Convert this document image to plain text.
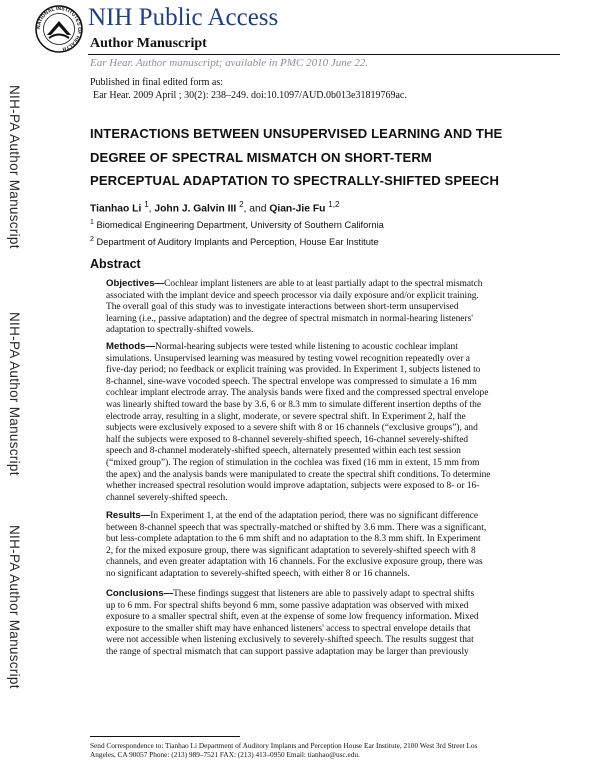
NIH-PA Author Manuscript
NIH-PA Author Manuscript
NIH-PA Author Manuscript
NATIONAL INSTITUTES OF HEALTH
NIH Public Access
Author Manuscript
Ear Hear. Author manuscript; available in PMC 2010 June 22.
Published in final edited form as:
Ear Hear. 2009 April ; 30(2): 238–249. doi:10.1097/AUD.0b013e31819769ac.
INTERACTIONS BETWEEN UNSUPERVISED LEARNING AND THE
DEGREE OF SPECTRAL MISMATCH ON SHORT-TERM
PERCEPTUAL ADAPTATION TO SPECTRALLY-SHIFTED SPEECH
Tianhao Li $^1$, John J. Galvin III $^2$, and Qian-Jie Fu $^{1,2}$
$^1$ Biomedical Engineering Department, University of Southern California
$^2$ Department of Auditory Implants and Perception, House Ear Institute
Abstract
Objectives—Cochlear implant listeners are able to at least partially adapt to the spectral mismatch
associated with the implant device and speech processor via daily exposure and/or explicit training.
The overall goal of this study was to investigate interactions between short-term unsupervised
learning (i.e., passive adaptation) and the degree of spectral mismatch in normal-hearing listeners'
adaptation to spectrally-shifted vowels.
Methods—Normal-hearing subjects were tested while listening to acoustic cochlear implant
simulations. Unsupervised learning was measured by testing vowel recognition repeatedly over a
five-day period; no feedback or explicit training was provided. In Experiment 1, subjects listened to
8-channel, sine-wave vocoded speech. The spectral envelope was compressed to simulate a 16 mm
cochlear implant electrode array. The analysis bands were fixed and the compressed spectral envelope
was linearly shifted toward the base by 3.6, 6 or 8.3 mm to simulate different insertion depths of the
electrode array, resulting in a slight, moderate, or severe spectral shift. In Experiment 2, half the
subjects were exclusively exposed to a severe shift with 8 or 16 channels (“exclusive groups”), and
half the subjects were exposed to 8-channel severely-shifted speech, 16-channel severely-shifted
speech and 8-channel moderately-shifted speech, alternately presented within each test session
(“mixed group”). The region of stimulation in the cochlea was fixed (16 mm in extent, 15 mm from
the apex) and the analysis bands were manipulated to create the spectral shift conditions. To determine
whether increased spectral resolution would improve adaptation, subjects were exposed to 8- or 16-
channel severely-shifted speech.
Results—In Experiment 1, at the end of the adaptation period, there was no significant difference
between 8-channel speech that was spectrally-matched or shifted by 3.6 mm. There was a significant,
but less-complete adaptation to the 6 mm shift and no adaptation to the 8.3 mm shift. In Experiment
2, for the mixed exposure group, there was significant adaptation to severely-shifted speech with 8
channels, and even greater adaptation with 16 channels. For the exclusive exposure group, there was
no significant adaptation to severely-shifted speech, with either 8 or 16 channels.
Conclusions—These findings suggest that listeners are able to passively adapt to spectral shifts
up to 6 mm. For spectral shifts beyond 6 mm, some passive adaptation was observed with mixed
exposure to a smaller spectral shift, even at the expense of some low frequency information. Mixed
exposure to the smaller shift may have enhanced listeners' access to spectral envelope details that
were not accessible when listening exclusively to severely-shifted speech. The results suggest that
the range of spectral mismatch that can support passive adaptation may be larger than previously
Send Correspondence to: Tianhao Li Department of Auditory Implants and Perception House Ear Institute, 2100 West 3rd Street Los
Angeles, CA 90057 Phone: (213) 989–7521 FAX: (213) 413–0950 Email: tianhao@usc.edu.
